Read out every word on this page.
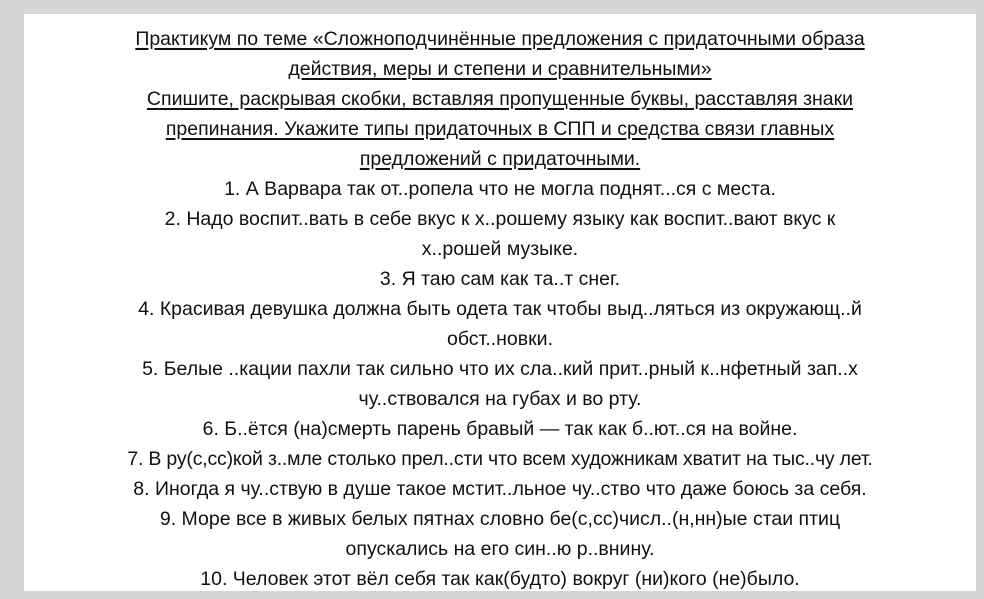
Практикум по теме «Сложноподчинённые предложения с придаточными образа

действия, меры и степени и сравнительными»

Спишите, раскрывая скобки, вставляя пропущенные буквы, расставляя знаки

препинания. Укажите типы придаточных в СПП и средства связи главных

предложений с придаточными.

1. А Варвара так от..ропела что не могла поднят...ся с места.

2. Надо воспит..вать в себе вкус к х..рошему языку как воспит..вают вкус к

х..рошей музыке.

3. Я таю сам как та..т снег.

4. Красивая девушка должна быть одета так чтобы выд..ляться из окружающ..й

обст..новки.

5. Белые ..кации пахли так сильно что их сла..кий прит..рный к..нфетный зап..х

чу..ствовался на губах и во рту.

6. Б..ётся (на)смерть парень бравый — так как б..ют..ся на войне.

7. В ру(с,сс)кой з..мле столько прел..сти что всем художникам хватит на тыс..чу лет.

8. Иногда я чу..ствую в душе такое мстит..льное чу..ство что даже боюсь за себя.

9. Море все в живых белых пятнах словно бе(с,сс)числ..(н,нн)ые стаи птиц

опускались на его син..ю р..внину.

10. Человек этот вёл себя так как(будто) вокруг (ни)кого (не)было.
